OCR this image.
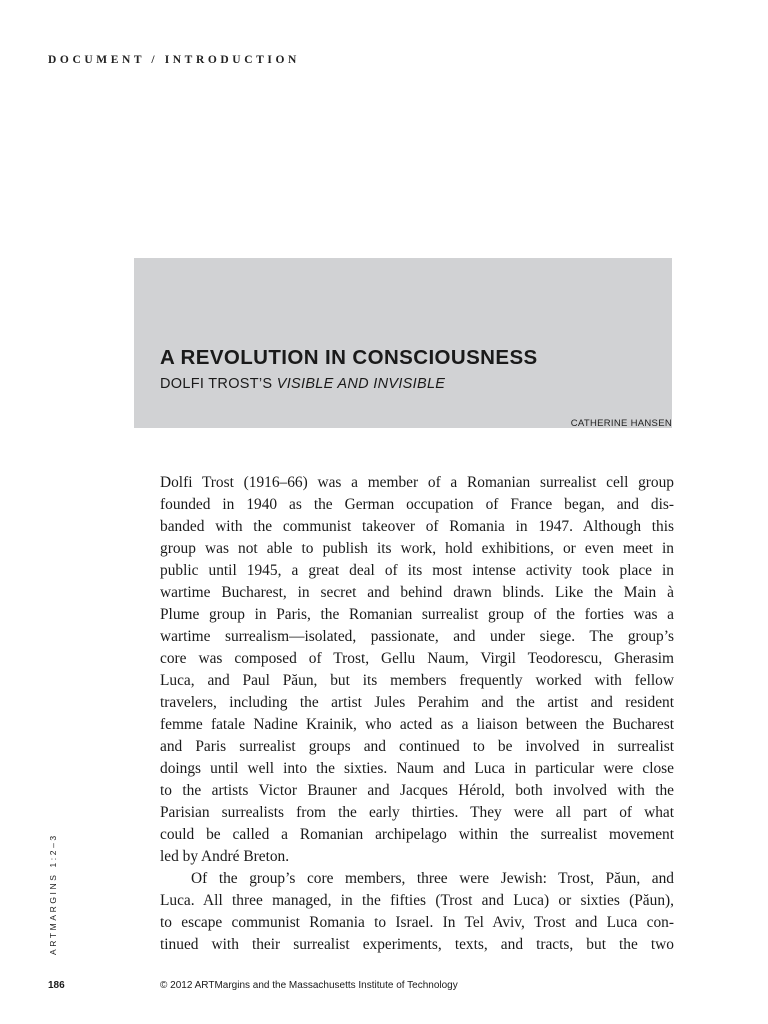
DOCUMENT / INTRODUCTION
A REVOLUTION IN CONSCIOUSNESS
DOLFI TROST’S VISIBLE AND INVISIBLE
CATHERINE HANSEN
Dolfi Trost (1916–66) was a member of a Romanian surrealist cell group
founded in 1940 as the German occupation of France began, and dis-
banded with the communist takeover of Romania in 1947. Although this
group was not able to publish its work, hold exhibitions, or even meet in
public until 1945, a great deal of its most intense activity took place in
wartime Bucharest, in secret and behind drawn blinds. Like the Main à
Plume group in Paris, the Romanian surrealist group of the forties was a
wartime surrealism—isolated, passionate, and under siege. The group’s
core was composed of Trost, Gellu Naum, Virgil Teodorescu, Gherasim
Luca, and Paul Păun, but its members frequently worked with fellow
travelers, including the artist Jules Perahim and the artist and resident
femme fatale Nadine Krainik, who acted as a liaison between the Bucharest
and Paris surrealist groups and continued to be involved in surrealist
doings until well into the sixties. Naum and Luca in particular were close
to the artists Victor Brauner and Jacques Hérold, both involved with the
Parisian surrealists from the early thirties. They were all part of what
could be called a Romanian archipelago within the surrealist movement
led by André Breton.
Of the group’s core members, three were Jewish: Trost, Păun, and
Luca. All three managed, in the fifties (Trost and Luca) or sixties (Păun),
to escape communist Romania to Israel. In Tel Aviv, Trost and Luca con-
tinued with their surrealist experiments, texts, and tracts, but the two
ARTMARGINS 1:2–3
186	© 2012 ARTMargins and the Massachusetts Institute of Technology
